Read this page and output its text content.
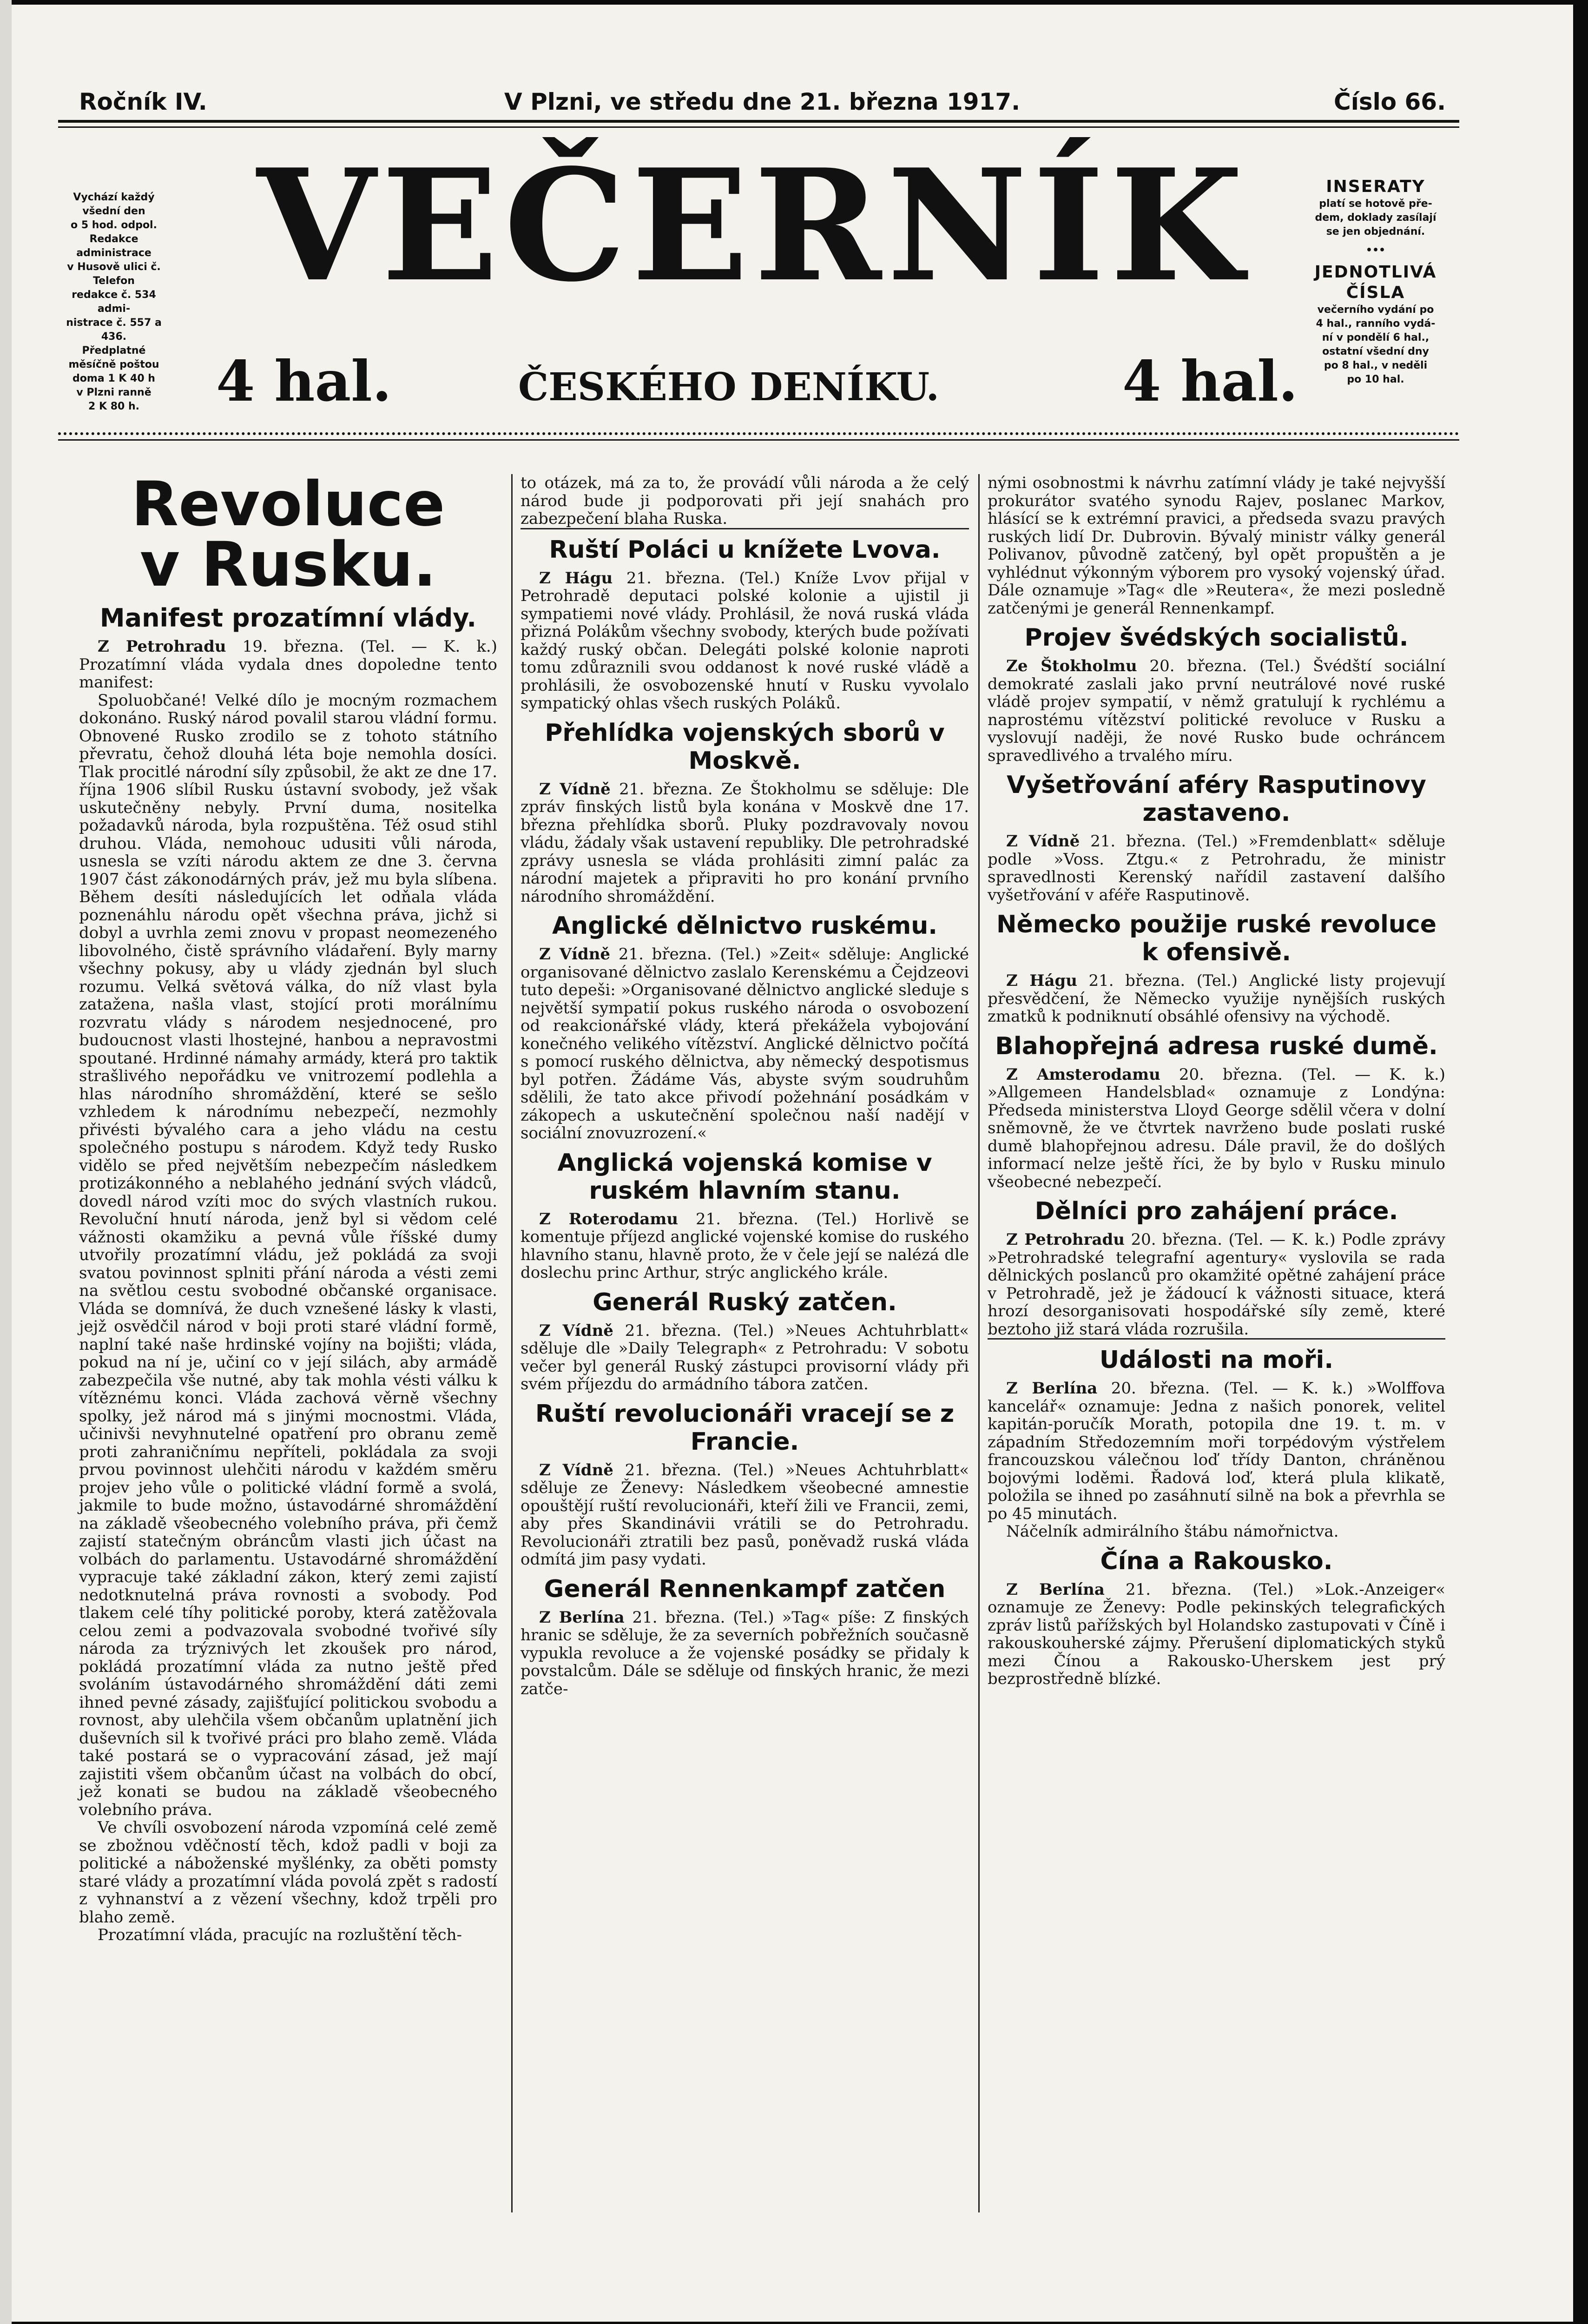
Ročník IV.	V Plzni, ve středu dne 21. března 1917.	Číslo 66.
Vychází každý
všední den
o 5 hod. odpol.
Redakce
administrace
v Husově ulici č.
Telefon
redakce č. 534 admi-
nistrace č. 557 a 436.
Předplatné
měsíčně poštou
doma 1 K 40 h
v Plzni ranně
2 K 80 h.
VEČERNÍK
4 hal.	ČESKÉHO DENÍKU.	4 hal.
INSERATY
platí se hotově pře-
dem, doklady zasílají
se jen objednání.
•••
JEDNOTLIVÁ ČÍSLA
večerního vydání po
4 hal., ranního vydá-
ní v pondělí 6 hal.,
ostatní všední dny
po 8 hal., v neděli
po 10 hal.
Revoluce
v Rusku.
Manifest prozatímní vlády.
Z Petrohradu 19. března. (Tel. — K. k.) Prozatímní vláda vydala dnes dopoledne tento manifest:
Spoluobčané! Velké dílo je mocným rozmachem dokonáno. Ruský národ povalil starou vládní formu. Obnovené Rusko zrodilo se z tohoto státního převratu, čehož dlouhá léta boje nemohla dosíci. Tlak procitlé národní síly způsobil, že akt ze dne 17. října 1906 slíbil Rusku ústavní svobody, jež však uskutečněny nebyly. První duma, nositelka požadavků národa, byla rozpuštěna. Též osud stihl druhou. Vláda, nemohouc udusiti vůli národa, usnesla se vzíti národu aktem ze dne 3. června 1907 část zákonodárných práv, jež mu byla slíbena. Během desíti následujících let odňala vláda poznenáhlu národu opět všechna práva, jichž si dobyl a uvrhla zemi znovu v propast neomezeného libovolného, čistě správního vládaření. Byly marny všechny pokusy, aby u vlády zjednán byl sluch rozumu. Velká světová válka, do níž vlast byla zatažena, našla vlast, stojící proti morálnímu rozvratu vlády s národem nesjednocené, pro budoucnost vlasti lhostejné, hanbou a nepravostmi spoutané. Hrdinné námahy armády, která pro taktik strašlivého nepořádku ve vnitrozemí podlehla a hlas národního shromáždění, které se sešlo vzhledem k národnímu nebezpečí, nezmohly přivésti bývalého cara a jeho vládu na cestu společného postupu s národem. Když tedy Rusko vidělo se před největším nebezpečím následkem protizákonného a neblahého jednání svých vládců, dovedl národ vzíti moc do svých vlastních rukou. Revoluční hnutí národa, jenž byl si vědom celé vážnosti okamžiku a pevná vůle říšské dumy utvořily prozatímní vládu, jež pokládá za svoji svatou povinnost splniti přání národa a vésti zemi na světlou cestu svobodné občanské organisace. Vláda se domnívá, že duch vznešené lásky k vlasti, jejž osvědčil národ v boji proti staré vládní formě, naplní také naše hrdinské vojíny na bojišti; vláda, pokud na ní je, učiní co v její silách, aby armádě zabezpečila vše nutné, aby tak mohla vésti válku k vítěznému konci. Vláda zachová věrně všechny spolky, jež národ má s jinými mocnostmi. Vláda, učinivši nevyhnutelné opatření pro obranu země proti zahraničnímu nepříteli, pokládala za svoji prvou povinnost ulehčiti národu v každém směru projev jeho vůle o politické vládní formě a svolá, jakmile to bude možno, ústavodárné shromáždění na základě všeobecného volebního práva, při čemž zajistí statečným obráncům vlasti jich účast na volbách do parlamentu. Ustavodárné shromáždění vypracuje také základní zákon, který zemi zajistí nedotknutelná práva rovnosti a svobody. Pod tlakem celé tíhy politické poroby, která zatěžovala celou zemi a podvazovala svobodné tvořivé síly národa za trýznivých let zkoušek pro národ, pokládá prozatímní vláda za nutno ještě před svoláním ústavodárného shromáždění dáti zemi ihned pevné zásady, zajišťující politickou svobodu a rovnost, aby ulehčila všem občanům uplatnění jich duševních sil k tvořivé práci pro blaho země. Vláda také postará se o vypracování zásad, jež mají zajistiti všem občanům účast na volbách do obcí, jež konati se budou na základě všeobecného volebního práva.
Ve chvíli osvobození národa vzpomíná celé země se zbožnou vděčností těch, kdož padli v boji za politické a náboženské myšlénky, za oběti pomsty staré vlády a prozatímní vláda povolá zpět s radostí z vyhnanství a z vězení všechny, kdož trpěli pro blaho země.
Prozatímní vláda, pracujíc na rozluštění těch-
to otázek, má za to, že provádí vůli národa a že celý národ bude ji podporovati při její snahách pro zabezpečení blaha Ruska.
Ruští Poláci u knížete Lvova.
Z Hágu 21. března. (Tel.) Kníže Lvov přijal v Petrohradě deputaci polské kolonie a ujistil ji sympatiemi nové vlády. Prohlásil, že nová ruská vláda přizná Polákům všechny svobody, kterých bude požívati každý ruský občan. Delegáti polské kolonie naproti tomu zdůraznili svou oddanost k nové ruské vládě a prohlásili, že osvobozenské hnutí v Rusku vyvolalo sympatický ohlas všech ruských Poláků.
Přehlídka vojenských sborů v Moskvě.
Z Vídně 21. března. Ze Štokholmu se sděluje: Dle zpráv finských listů byla konána v Moskvě dne 17. března přehlídka sborů. Pluky pozdravovaly novou vládu, žádaly však ustavení republiky. Dle petrohradské zprávy usnesla se vláda prohlásiti zimní palác za národní majetek a připraviti ho pro konání prvního národního shromáždění.
Anglické dělnictvo ruskému.
Z Vídně 21. března. (Tel.) »Zeit« sděluje: Anglické organisované dělnictvo zaslalo Kerenskému a Čejdzeovi tuto depeši: »Organisované dělnictvo anglické sleduje s největší sympatií pokus ruského národa o osvobození od reakcionářské vlády, která překážela vybojování konečného velikého vítězství. Anglické dělnictvo počítá s pomocí ruského dělnictva, aby německý despotismus byl potřen. Žádáme Vás, abyste svým soudruhům sdělili, že tato akce přivodí požehnání posádkám v zákopech a uskutečnění společnou naší nadějí v sociální znovuzrození.«
Anglická vojenská komise v ruském hlavním stanu.
Z Roterodamu 21. března. (Tel.) Horlivě se komentuje příjezd anglické vojenské komise do ruského hlavního stanu, hlavně proto, že v čele její se nalézá dle doslechu princ Arthur, strýc anglického krále.
Generál Ruský zatčen.
Z Vídně 21. března. (Tel.) »Neues Achtuhrblatt« sděluje dle »Daily Telegraph« z Petrohradu: V sobotu večer byl generál Ruský zástupci provisorní vlády při svém příjezdu do armádního tábora zatčen.
Ruští revolucionáři vracejí se z Francie.
Z Vídně 21. března. (Tel.) »Neues Achtuhrblatt« sděluje ze Ženevy: Následkem všeobecné amnestie opouštějí ruští revolucionáři, kteří žili ve Francii, zemi, aby přes Skandinávii vrátili se do Petrohradu. Revolucionáři ztratili bez pasů, poněvadž ruská vláda odmítá jim pasy vydati.
Generál Rennenkampf zatčen
Z Berlína 21. března. (Tel.) »Tag« píše: Z finských hranic se sděluje, že za severních pobřežních současně vypukla revoluce a že vojenské posádky se přidaly k povstalcům. Dále se sděluje od finských hranic, že mezi zatče-
nými osobnostmi k návrhu zatímní vlády je také nejvyšší prokurátor svatého synodu Rajev, poslanec Markov, hlásící se k extrémní pravici, a předseda svazu pravých ruských lidí Dr. Dubrovin. Bývalý ministr války generál Polivanov, původně zatčený, byl opět propuštěn a je vyhlédnut výkonným výborem pro vysoký vojenský úřad. Dále oznamuje »Tag« dle »Reutera«, že mezi posledně zatčenými je generál Rennenkampf.
Projev švédských socialistů.
Ze Štokholmu 20. března. (Tel.) Švédští sociální demokraté zaslali jako první neutrálové nové ruské vládě projev sympatií, v němž gratulují k rychlému a naprostému vítězství politické revoluce v Rusku a vyslovují naději, že nové Rusko bude ochráncem spravedlivého a trvalého míru.
Vyšetřování aféry Rasputinovy zastaveno.
Z Vídně 21. března. (Tel.) »Fremdenblatt« sděluje podle »Voss. Ztgu.« z Petrohradu, že ministr spravedlnosti Kerenský nařídil zastavení dalšího vyšetřování v aféře Rasputinově.
Německo použije ruské revoluce k ofensivě.
Z Hágu 21. března. (Tel.) Anglické listy projevují přesvědčení, že Německo využije nynějších ruských zmatků k podniknutí obsáhlé ofensivy na východě.
Blahopřejná adresa ruské dumě.
Z Amsterodamu 20. března. (Tel. — K. k.) »Allgemeen Handelsblad« oznamuje z Londýna: Předseda ministerstva Lloyd George sdělil včera v dolní sněmovně, že ve čtvrtek navrženo bude poslati ruské dumě blahopřejnou adresu. Dále pravil, že do došlých informací nelze ještě říci, že by bylo v Rusku minulo všeobecné nebezpečí.
Dělníci pro zahájení práce.
Z Petrohradu 20. března. (Tel. — K. k.) Podle zprávy »Petrohradské telegrafní agentury« vyslovila se rada dělnických poslanců pro okamžité opětné zahájení práce v Petrohradě, jež je žádoucí k vážnosti situace, která hrozí desorganisovati hospodářské síly země, které beztoho již stará vláda rozrušila.
Události na moři.
Z Berlína 20. března. (Tel. — K. k.) »Wolffova kancelář« oznamuje: Jedna z našich ponorek, velitel kapitán-poručík Morath, potopila dne 19. t. m. v západním Středozemním moři torpédovým výstřelem francouzskou válečnou loď třídy Danton, chráněnou bojovými loděmi. Řadová loď, která plula klikatě, položila se ihned po zasáhnutí silně na bok a převrhla se po 45 minutách.
Náčelník admirálního štábu námořnictva.
Čína a Rakousko.
Z Berlína 21. března. (Tel.) »Lok.-Anzeiger« oznamuje ze Ženevy: Podle pekinských telegrafických zpráv listů pařížských byl Holandsko zastupovati v Číně i rakouskouherské zájmy. Přerušení diplomatických styků mezi Čínou a Rakousko-Uherskem jest prý bezprostředně blízké.
